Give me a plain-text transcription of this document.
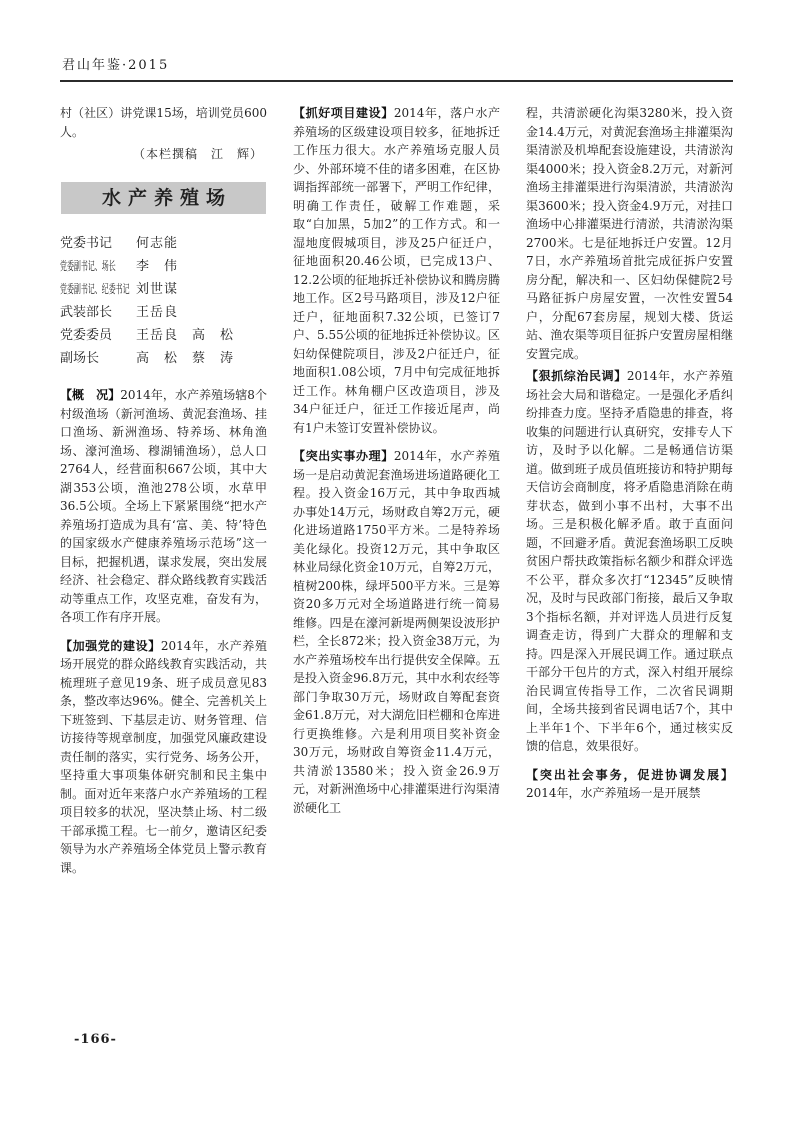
君山年鉴·2015

村（社区）讲党课15场，培训党员600人。

（本栏撰稿　江　辉）

水产养殖场
党委书记	何志能
党委副书记、场长	李　伟
党委副书记、纪委书记 刘世谋
武装部长	王岳良
党委委员	王岳良　高　松
副场长	高　松　蔡　涛

【概　况】2014年，水产养殖场辖8个村级渔场（新河渔场、黄泥套渔场、挂口渔场、新洲渔场、特养场、林角渔场、濠河渔场、穆湖铺渔场），总人口2764人，经营面积667公顷，其中大湖353公顷，渔池278公顷，水草甲36.5公顷。全场上下紧紧围绕“把水产养殖场打造成为具有‘富、美、特’特色的国家级水产健康养殖场示范场”这一目标，把握机遇，谋求发展，突出发展经济、社会稳定、群众路线教育实践活动等重点工作，攻坚克难，奋发有为，各项工作有序开展。

【加强党的建设】2014年，水产养殖场开展党的群众路线教育实践活动，共梳理班子意见19条、班子成员意见83条，整改率达96%。健全、完善机关上下班签到、下基层走访、财务管理、信访接待等规章制度，加强党风廉政建设责任制的落实，实行党务、场务公开，坚持重大事项集体研究制和民主集中制。面对近年来落户水产养殖场的工程项目较多的状况，坚决禁止场、村二级干部承揽工程。七一前夕，邀请区纪委领导为水产养殖场全体党员上警示教育课。

【抓好项目建设】2014年，落户水产养殖场的区级建设项目较多，征地拆迁工作压力很大。水产养殖场克服人员少、外部环境不佳的诸多困难，在区协调指挥部统一部署下，严明工作纪律，明确工作责任，破解工作难题，采取“白加黑，5加2”的工作方式。和一湿地度假城项目，涉及25户征迁户，征地面积20.46公顷，已完成13户、12.2公顷的征地拆迁补偿协议和腾房腾地工作。区2号马路项目，涉及12户征迁户，征地面积7.32公顷，已签订7户、5.55公顷的征地拆迁补偿协议。区妇幼保健院项目，涉及2户征迁户，征地面积1.08公顷，7月中旬完成征地拆迁工作。林角棚户区改造项目，涉及34户征迁户，征迁工作接近尾声，尚有1户未签订安置补偿协议。

【突出实事办理】2014年，水产养殖场一是启动黄泥套渔场进场道路硬化工程。投入资金16万元，其中争取西城办事处14万元，场财政自筹2万元，硬化进场道路1750平方米。二是特养场美化绿化。投资12万元，其中争取区林业局绿化资金10万元，自筹2万元，植树200株，绿坪500平方米。三是筹资20多万元对全场道路进行统一简易维修。四是在濠河新堤两侧架设波形护栏，全长872米；投入资金38万元，为水产养殖场校车出行提供安全保障。五是投入资金96.8万元，其中水利农经等部门争取30万元，场财政自筹配套资金61.8万元，对大湖危旧栏棚和仓库进行更换维修。六是利用项目奖补资金30万元，场财政自筹资金11.4万元，共清淤13580米；投入资金26.9万元，对新洲渔场中心排灌渠进行沟渠清淤硬化工

程，共清淤硬化沟渠3280米，投入资金14.4万元，对黄泥套渔场主排灌渠沟渠清淤及机埠配套设施建设，共清淤沟渠4000米；投入资金8.2万元，对新河渔场主排灌渠进行沟渠清淤，共清淤沟渠3600米；投入资金4.9万元，对挂口渔场中心排灌渠进行清淤，共清淤沟渠2700米。七是征地拆迁户安置。12月7日，水产养殖场首批完成征拆户安置房分配，解决和一、区妇幼保健院2号马路征拆户房屋安置，一次性安置54户，分配67套房屋，规划大楼、货运站、渔农渠等项目征拆户安置房屋相继安置完成。

【狠抓综治民调】2014年，水产养殖场社会大局和谐稳定。一是强化矛盾纠纷排查力度。坚持矛盾隐患的排查，将收集的问题进行认真研究，安排专人下访，及时予以化解。二是畅通信访渠道。做到班子成员值班接访和特护期每天信访会商制度，将矛盾隐患消除在萌芽状态，做到小事不出村，大事不出场。三是积极化解矛盾。敢于直面问题，不回避矛盾。黄泥套渔场职工反映贫困户帮扶政策指标名额少和群众评选不公平，群众多次打“12345”反映情况，及时与民政部门衔接，最后又争取3个指标名额，并对评选人员进行反复调查走访，得到广大群众的理解和支持。四是深入开展民调工作。通过联点干部分干包片的方式，深入村组开展综治民调宣传指导工作，二次省民调期间，全场共接到省民调电话7个，其中上半年1个、下半年6个，通过核实反馈的信息，效果很好。

【突出社会事务，促进协调发展】2014年，水产养殖场一是开展禁

-166-
